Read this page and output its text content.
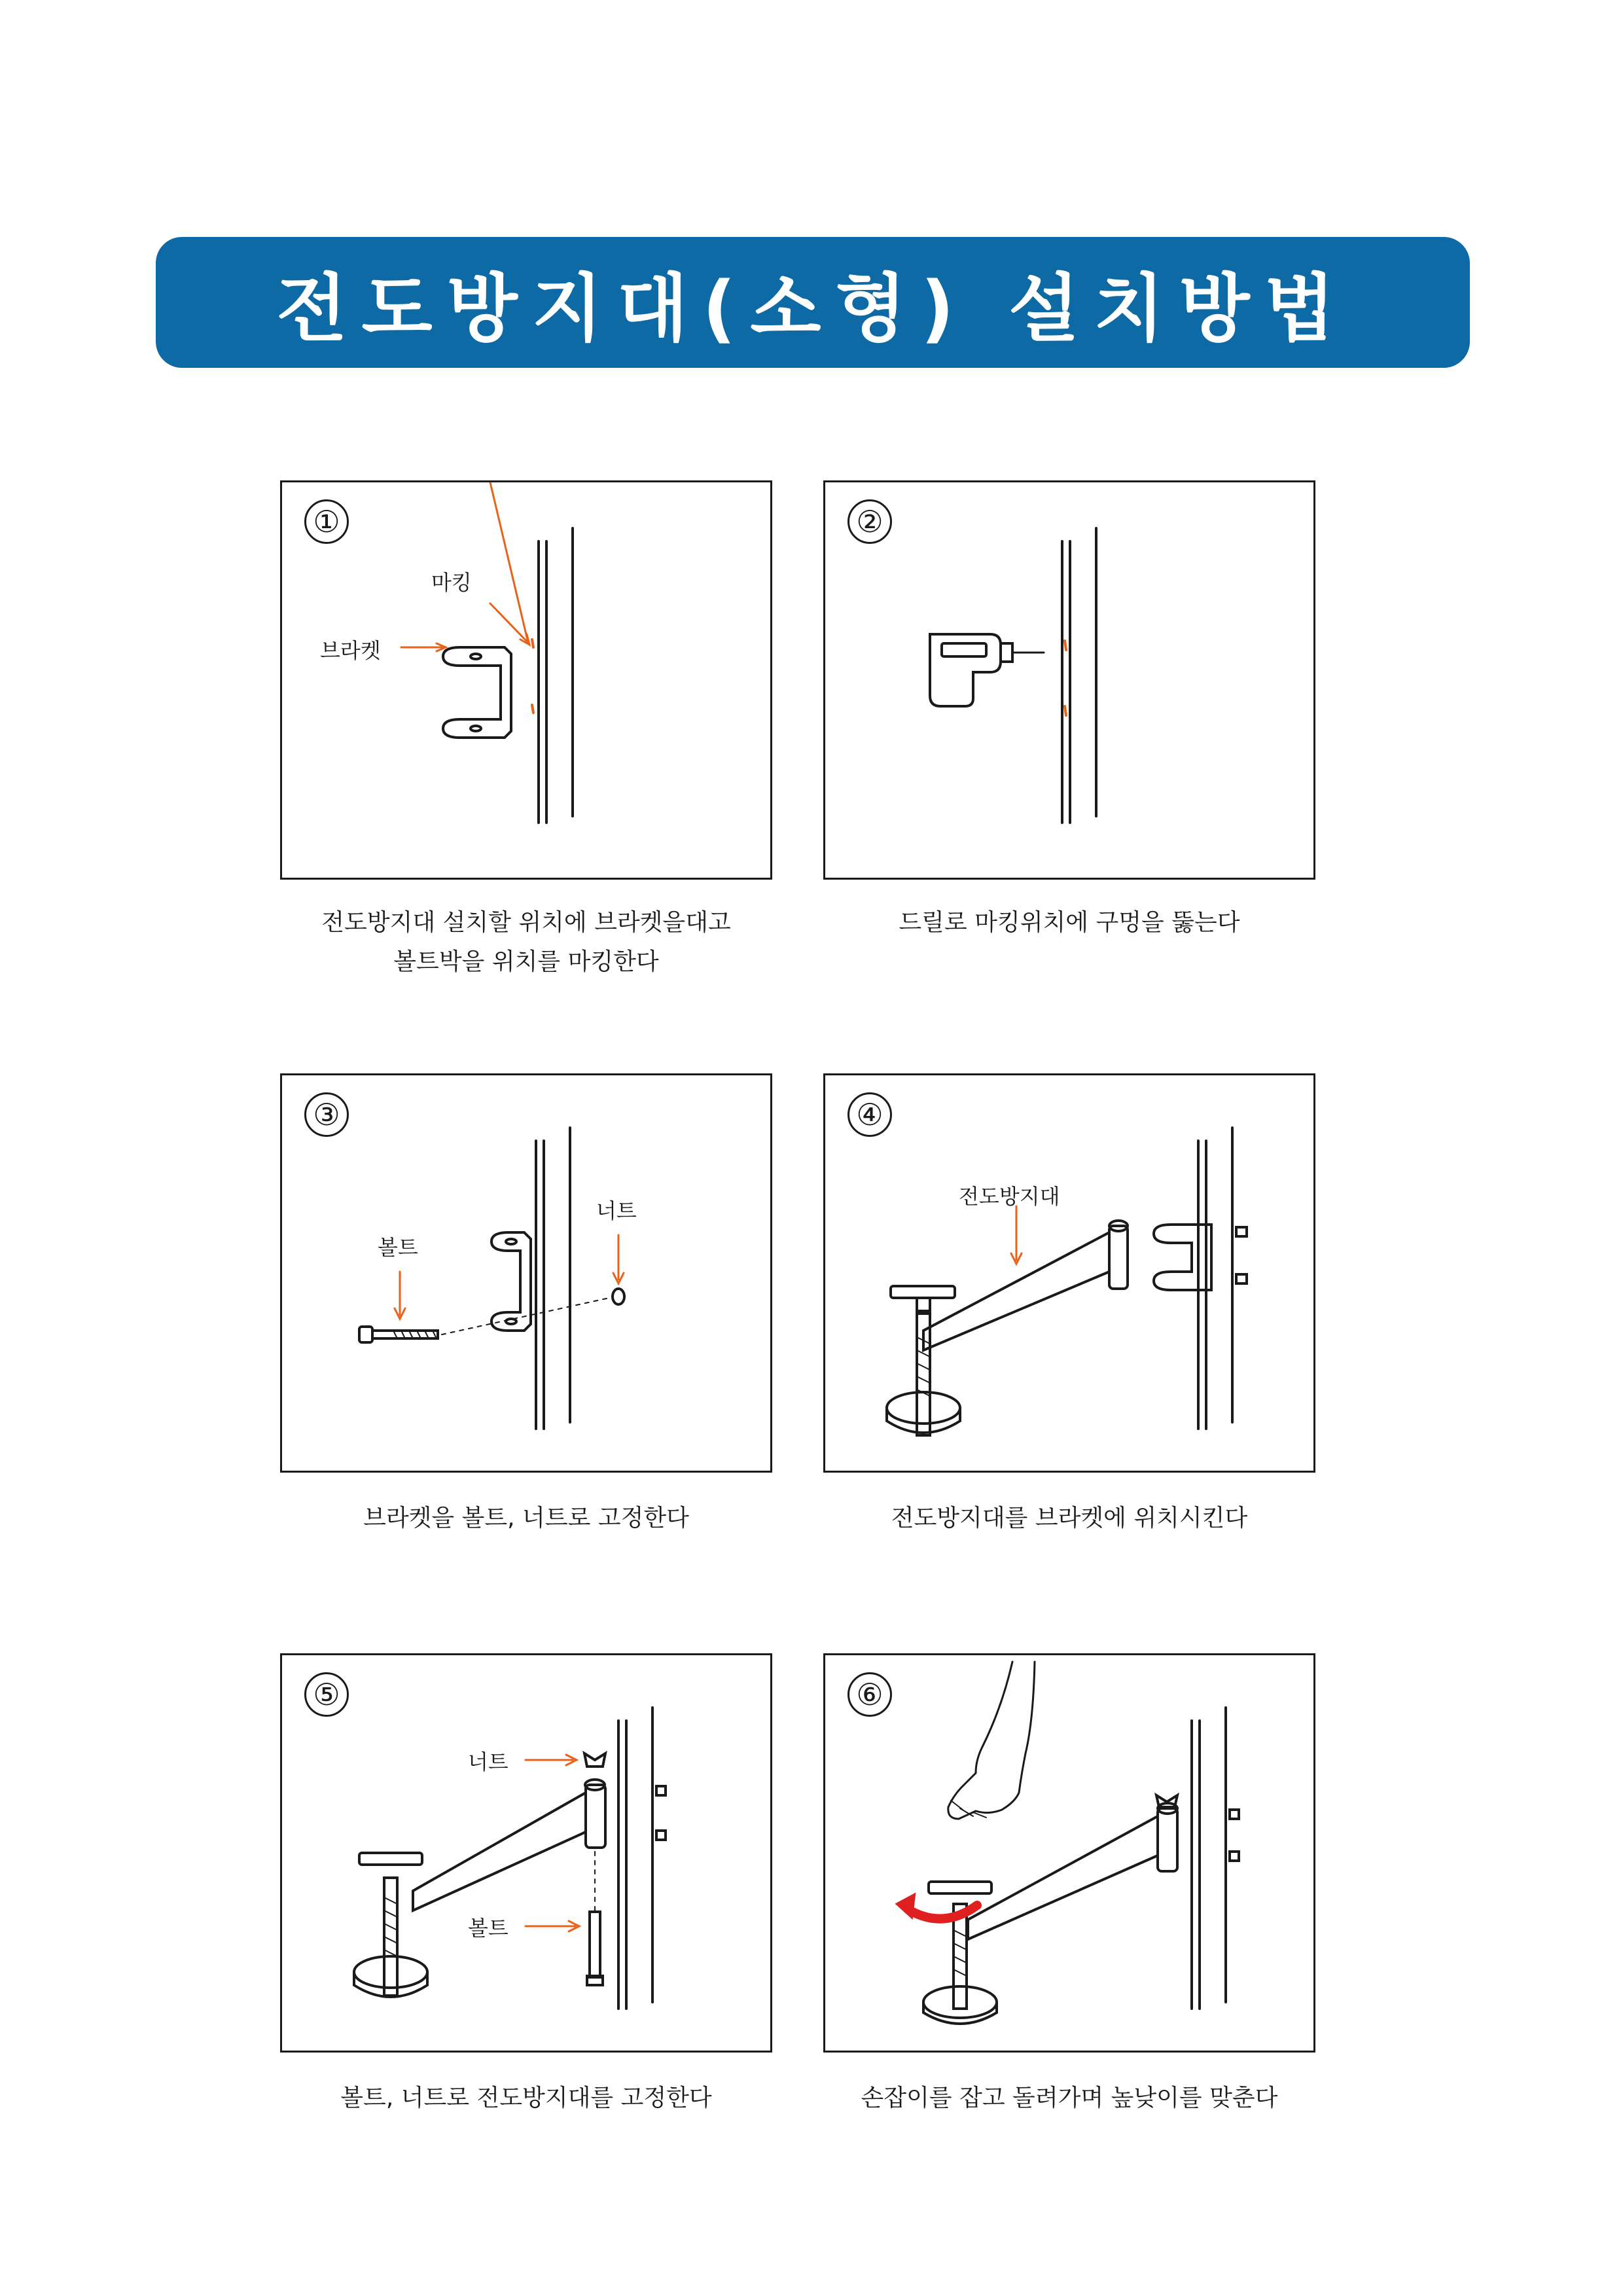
전도방지대(소형) 설치방법
①
마킹
브라켓
전도방지대 설치할 위치에 브라켓을대고
볼트박을 위치를 마킹한다
②
드릴로 마킹위치에 구멍을 뚫는다
③
볼트
너트
브라켓을 볼트, 너트로 고정한다
④
전도방지대
전도방지대를 브라켓에 위치시킨다
⑤
너트
볼트
볼트, 너트로 전도방지대를 고정한다
⑥
손잡이를 잡고 돌려가며 높낮이를 맞춘다
